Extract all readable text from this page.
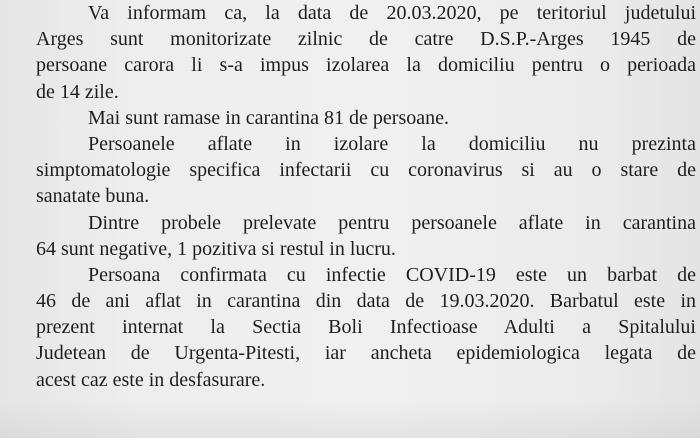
Va informam ca, la data de 20.03.2020, pe teritoriul judetului
Arges sunt monitorizate zilnic de catre D.S.P.-Arges 1945 de
persoane carora li s-a impus izolarea la domiciliu pentru o perioada
de 14 zile.
Mai sunt ramase in carantina 81 de persoane.
Persoanele aflate in izolare la domiciliu nu prezinta
simptomatologie specifica infectarii cu coronavirus si au o stare de
sanatate buna.
Dintre probele prelevate pentru persoanele aflate in carantina
64 sunt negative, 1 pozitiva si restul in lucru.
Persoana confirmata cu infectie COVID-19 este un barbat de
46 de ani aflat in carantina din data de 19.03.2020. Barbatul este in
prezent internat la Sectia Boli Infectioase Adulti a Spitalului
Judetean de Urgenta-Pitesti, iar ancheta epidemiologica legata de
acest caz este in desfasurare.
